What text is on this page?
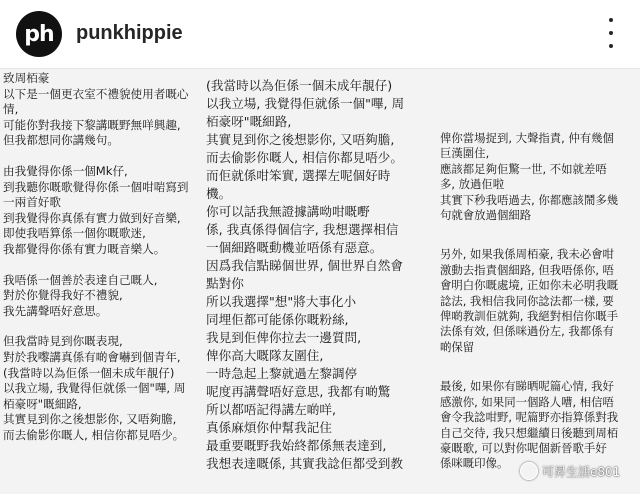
ph	punkhippie

致周栢豪

以下是一個更衣室不禮貌使用者嘅心

情,

可能你對我接下黎講嘅野無咩興趣,

但我都想同你講幾句。

由我覺得你係一個Mk仔,

到我聽你嘅歌覺得你係一個咁啱寫到

一兩首好歌

到我覺得你真係有實力做到好音樂,

即使我唔算係一個你嘅歌迷,

我都覺得你係有實力嘅音樂人。

我唔係一個善於表達自己嘅人,

對於你覺得我好不禮貌,

我先講聲唔好意思。

但我當時見到你嘅表現,

對於我嚟講真係有啲會嚇到個青年,

(我當時以為佢係一個未成年靚仔)

以我立場, 我覺得佢就係一個"嗶, 周

栢豪呀"嘅細路,

其實見到你之後想影你, 又唔夠膽,

而去偷影你嘅人, 相信你都見唔少。

(我當時以為佢係一個未成年靚仔)

以我立場, 我覺得佢就係一個"嗶, 周

栢豪呀"嘅細路,

其實見到你之後想影你, 又唔夠膽,

而去偷影你嘅人, 相信你都見唔少。

而佢就係咁笨實, 選擇左呢個好時

機。

你可以話我無證據講呦咁嘅嘢

係, 我真係得個信字, 我想選擇相信

一個細路嘅動機並唔係有惡意。

因爲我信點睇個世界, 個世界自然會

點對你

所以我選擇"想"將大事化小

同埋佢都可能係你嘅粉絲,

我見到佢俾你拉去一邊質問,

俾你高大嘅隊友圍住,

一時急起上黎就過左黎調停

呢度再講聲唔好意思, 我都有啲驚

所以都唔記得講左啲咩,

真係麻煩你仲幫我記住

最重要嘅野我始終都係無表達到,

我想表達嘅係, 其實我諗佢都受到教

俾你當場捉到, 大聲指責, 仲有幾個

巨漢圍住,

應該都足夠佢驚一世, 不如就差唔

多, 放過佢啦

其實下秒我唔過去, 你都應該鬧多幾

句就會放過個細路

另外, 如果我係周栢豪, 我未必會咁

激動去指責個細路, 但我唔係你, 唔

會明白你嘅處境, 正如你未必明我嘅

諗法, 我相信我同你諗法都一樣, 要

俾啲教訓佢就夠, 我絕對相信你嘅手

法係有效, 但係咪過份左, 我都係有

啲保留

最後, 如果你有睇晒呢篇心情, 我好

感激你, 如果同一個路人嘈, 相信唔

會令我諗咁野, 呢篇野亦指算係對我

自己交待, 我只想繼續日後聽到周栢

豪嘅歌, 可以對你呢個新晉歌手好

係咪嘅印像。

可昇生活e801
